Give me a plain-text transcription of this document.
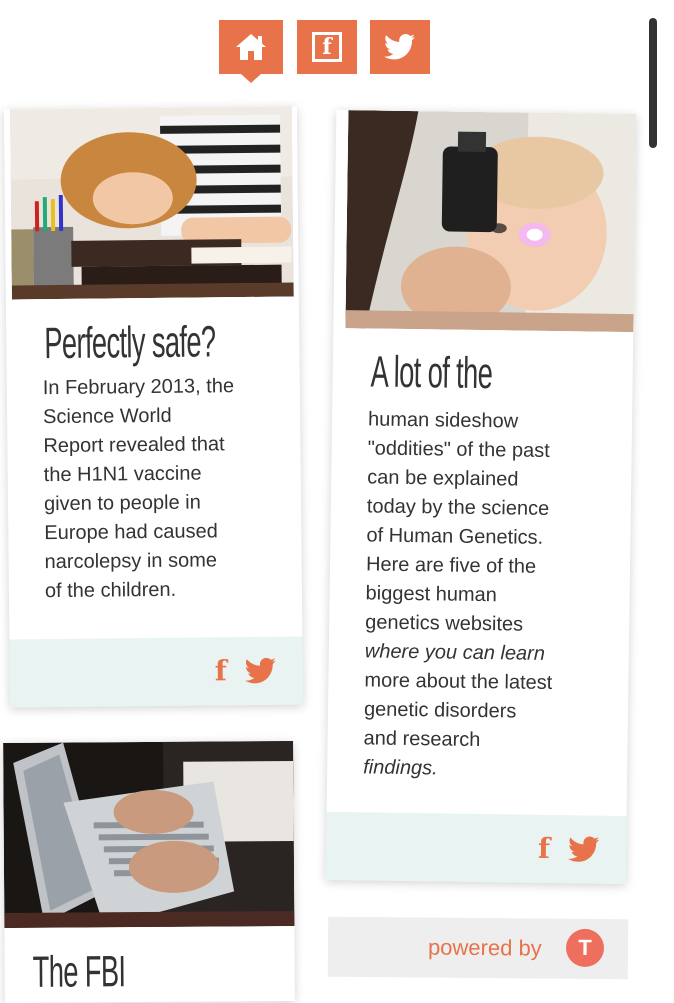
f
Perfectly safe?
In February 2013, the
Science World
Report revealed that
the H1N1 vaccine
given to people in
Europe had caused
narcolepsy in some
of the children.
f
A lot of the
human sideshow
"oddities" of the past
can be explained
today by the science
of Human Genetics.
Here are five of the
biggest human
genetics websites
where you can learn
more about the latest
genetic disorders
and research
findings.
f
The FBI	powered by	T
